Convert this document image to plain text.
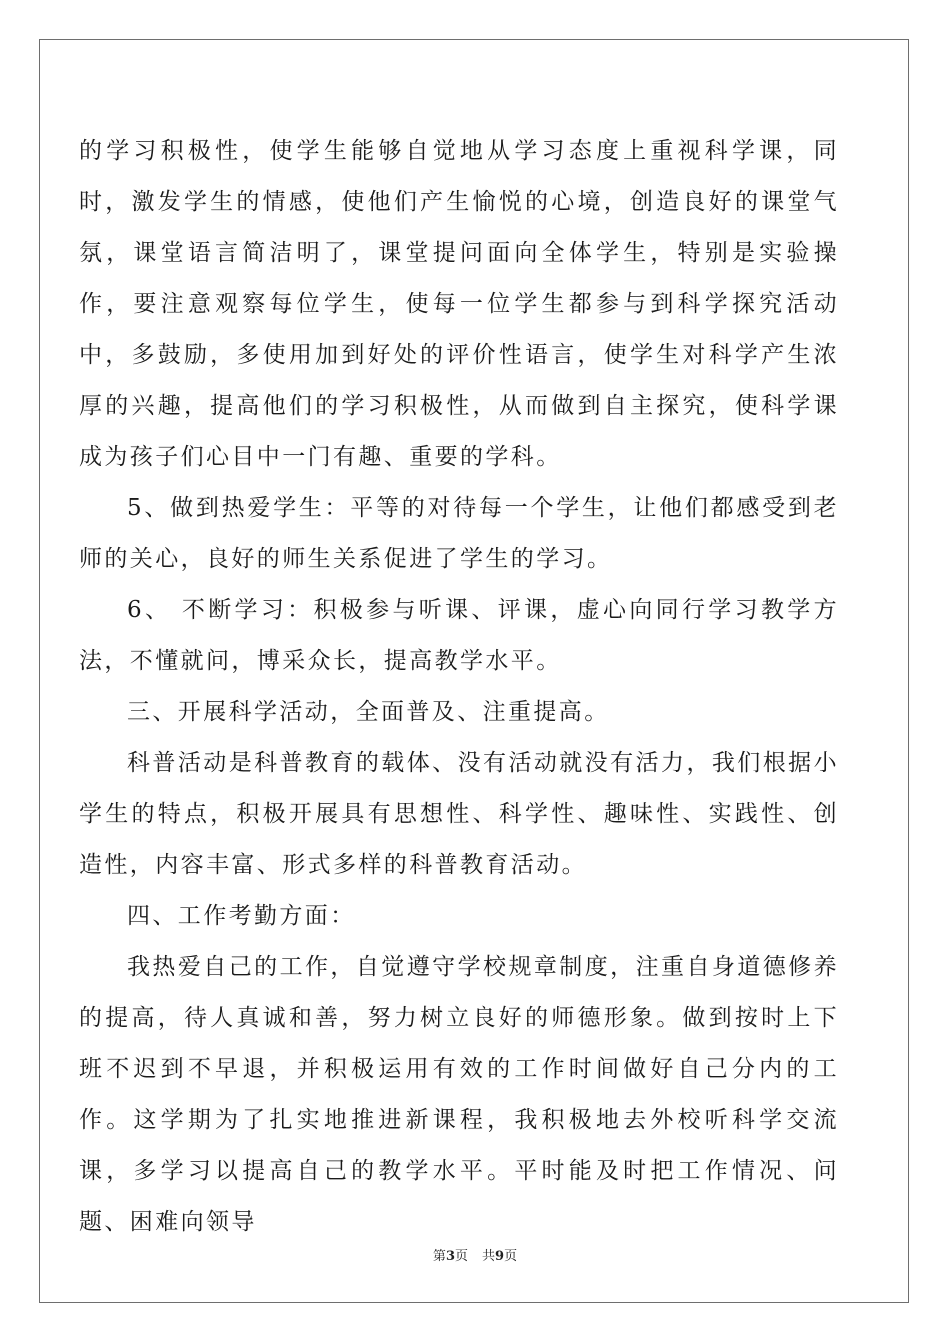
的学习积极性，使学生能够自觉地从学习态度上重视科学课，同时，激发学生的情感，使他们产生愉悦的心境，创造良好的课堂气氛，课堂语言简洁明了，课堂提问面向全体学生，特别是实验操作，要注意观察每位学生，使每一位学生都参与到科学探究活动中，多鼓励，多使用加到好处的评价性语言，使学生对科学产生浓厚的兴趣，提高他们的学习积极性，从而做到自主探究，使科学课成为孩子们心目中一门有趣、重要的学科。

5、做到热爱学生：平等的对待每一个学生，让他们都感受到老师的关心，良好的师生关系促进了学生的学习。

6、 不断学习：积极参与听课、评课，虚心向同行学习教学方法，不懂就问，博采众长，提高教学水平。

三、开展科学活动，全面普及、注重提高。

科普活动是科普教育的载体、没有活动就没有活力，我们根据小学生的特点，积极开展具有思想性、科学性、趣味性、实践性、创造性，内容丰富、形式多样的科普教育活动。

四、工作考勤方面：

我热爱自己的工作，自觉遵守学校规章制度，注重自身道德修养的提高，待人真诚和善，努力树立良好的师德形象。做到按时上下班不迟到不早退，并积极运用有效的工作时间做好自己分内的工作。这学期为了扎实地推进新课程，我积极地去外校听科学交流课，多学习以提高自己的教学水平。平时能及时把工作情况、问题、困难向领导

第3页 共9页
